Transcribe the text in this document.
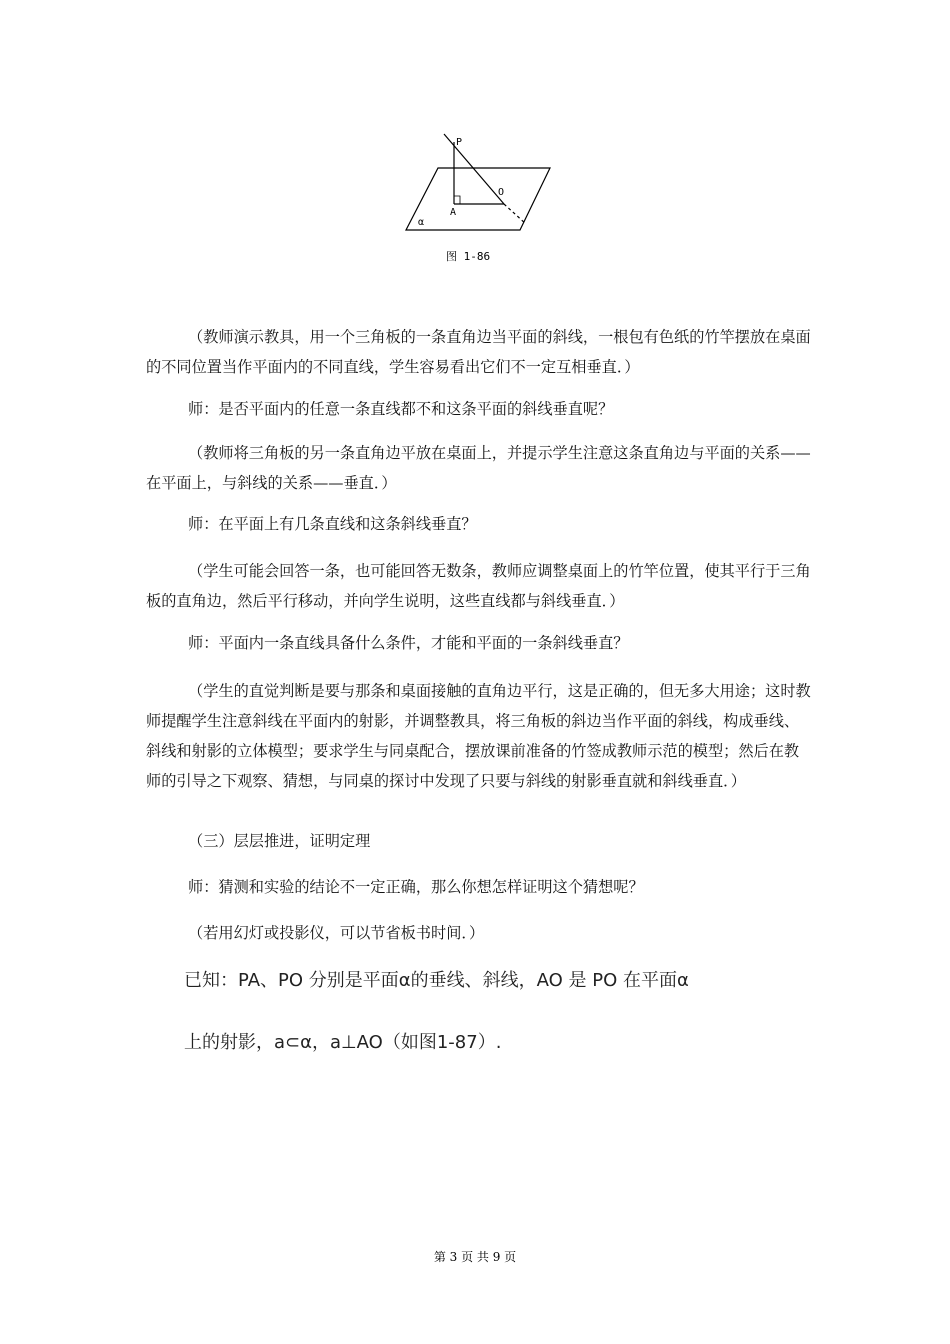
P
O
A
α
图 1-86

（教师演示教具，用一个三角板的一条直角边当平面的斜线，一根包有色纸的竹竿摆放在桌面的不同位置当作平面内的不同直线，学生容易看出它们不一定互相垂直．）

师：是否平面内的任意一条直线都不和这条平面的斜线垂直呢？

（教师将三角板的另一条直角边平放在桌面上，并提示学生注意这条直角边与平面的关系——在平面上，与斜线的关系——垂直．）

师：在平面上有几条直线和这条斜线垂直？

（学生可能会回答一条，也可能回答无数条，教师应调整桌面上的竹竿位置，使其平行于三角板的直角边，然后平行移动，并向学生说明，这些直线都与斜线垂直．）

师：平面内一条直线具备什么条件，才能和平面的一条斜线垂直？

（学生的直觉判断是要与那条和桌面接触的直角边平行，这是正确的，但无多大用途；这时教师提醒学生注意斜线在平面内的射影，并调整教具，将三角板的斜边当作平面的斜线，构成垂线、斜线和射影的立体模型；要求学生与同桌配合，摆放课前准备的竹签成教师示范的模型；然后在教师的引导之下观察、猜想，与同桌的探讨中发现了只要与斜线的射影垂直就和斜线垂直．）

（三）层层推进，证明定理

师：猜测和实验的结论不一定正确，那么你想怎样证明这个猜想呢？

（若用幻灯或投影仪，可以节省板书时间．）

已知：PA、PO 分别是平面α的垂线、斜线，AO 是 PO 在平面α
上的射影，a⊂α，a⊥AO（如图1-87）.
第 3 页 共 9 页
